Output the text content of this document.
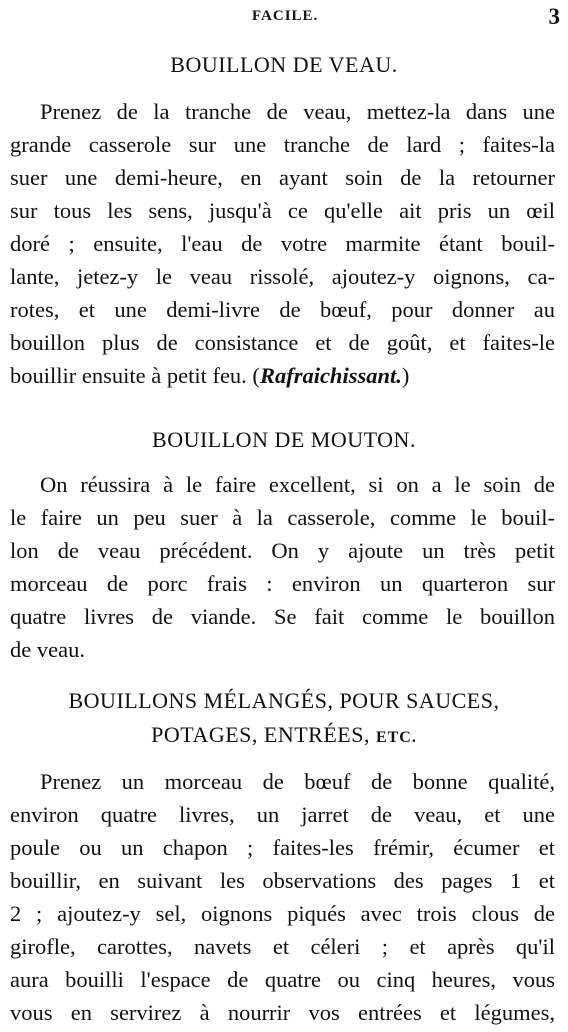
FACILE.	3
BOUILLON DE VEAU.
Prenez de la tranche de veau, mettez-la dans une
grande casserole sur une tranche de lard ; faites-la
suer une demi-heure, en ayant soin de la retourner
sur tous les sens, jusqu'à ce qu'elle ait pris un œil
doré ; ensuite, l'eau de votre marmite étant bouil-
lante, jetez-y le veau rissolé, ajoutez-y oignons, ca-
rotes, et une demi-livre de bœuf, pour donner au
bouillon plus de consistance et de goût, et faites-le
bouillir ensuite à petit feu. (Rafraichissant.)
BOUILLON DE MOUTON.
On réussira à le faire excellent, si on a le soin de
le faire un peu suer à la casserole, comme le bouil-
lon de veau précédent. On y ajoute un très petit
morceau de porc frais : environ un quarteron sur
quatre livres de viande. Se fait comme le bouillon
de veau.
BOUILLONS MÉLANGÉS, POUR SAUCES,
POTAGES, ENTRÉES, ETC.
Prenez un morceau de bœuf de bonne qualité,
environ quatre livres, un jarret de veau, et une
poule ou un chapon ; faites-les frémir, écumer et
bouillir, en suivant les observations des pages 1 et
2 ; ajoutez-y sel, oignons piqués avec trois clous de
girofle, carottes, navets et céleri ; et après qu'il
aura bouilli l'espace de quatre ou cinq heures, vous
vous en servirez à nourrir vos entrées et légumes,
